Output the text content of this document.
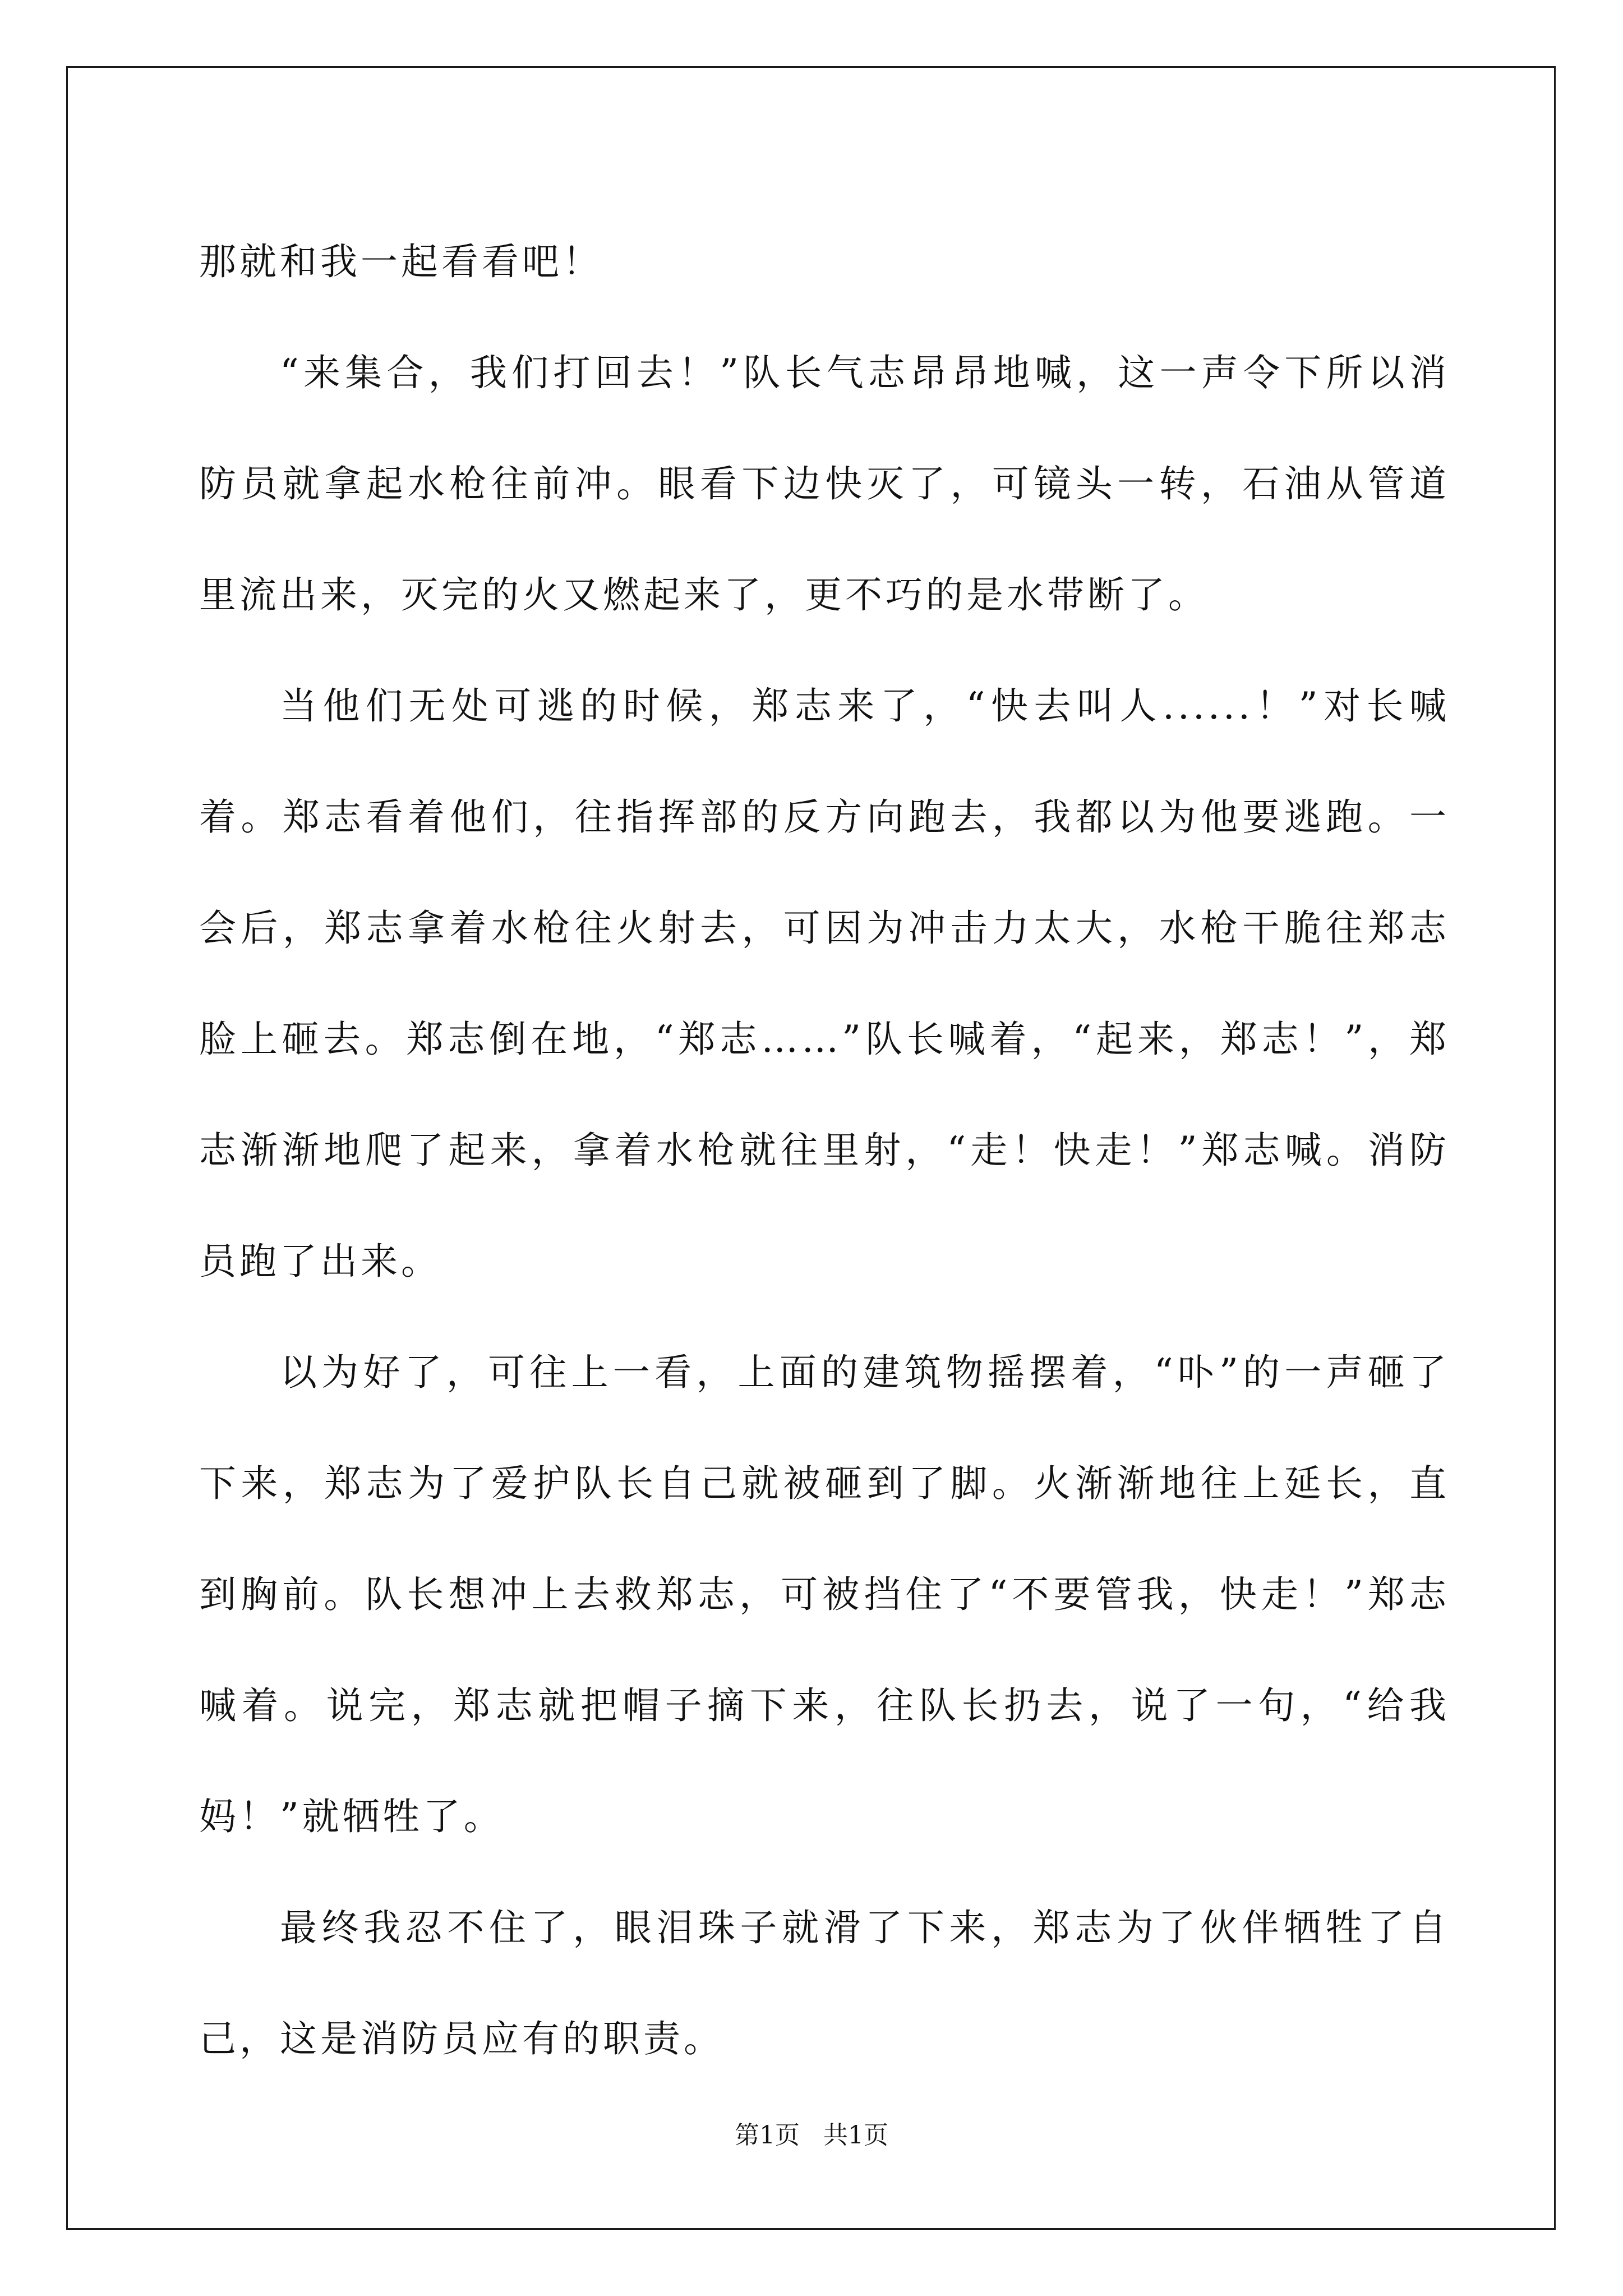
那就和我一起看看吧！

“来集合，我们打回去！”队长气志昂昂地喊，这一声令下所以消防员就拿起水枪往前冲。眼看下边快灭了，可镜头一转，石油从管道里流出来，灭完的火又燃起来了，更不巧的是水带断了。

当他们无处可逃的时候，郑志来了，“快去叫人......！”对长喊着。郑志看着他们，往指挥部的反方向跑去，我都以为他要逃跑。一会后，郑志拿着水枪往火射去，可因为冲击力太大，水枪干脆往郑志脸上砸去。郑志倒在地，“郑志……”队长喊着，“起来，郑志！”，郑志渐渐地爬了起来，拿着水枪就往里射，“走！快走！”郑志喊。消防员跑了出来。

以为好了，可往上一看，上面的建筑物摇摆着，“卟”的一声砸了下来，郑志为了爱护队长自己就被砸到了脚。火渐渐地往上延长，直到胸前。队长想冲上去救郑志，可被挡住了“不要管我，快走！”郑志喊着。说完，郑志就把帽子摘下来，往队长扔去，说了一句，“给我妈！”就牺牲了。

最终我忍不住了，眼泪珠子就滑了下来，郑志为了伙伴牺牲了自己，这是消防员应有的职责。

第1页   共1页
